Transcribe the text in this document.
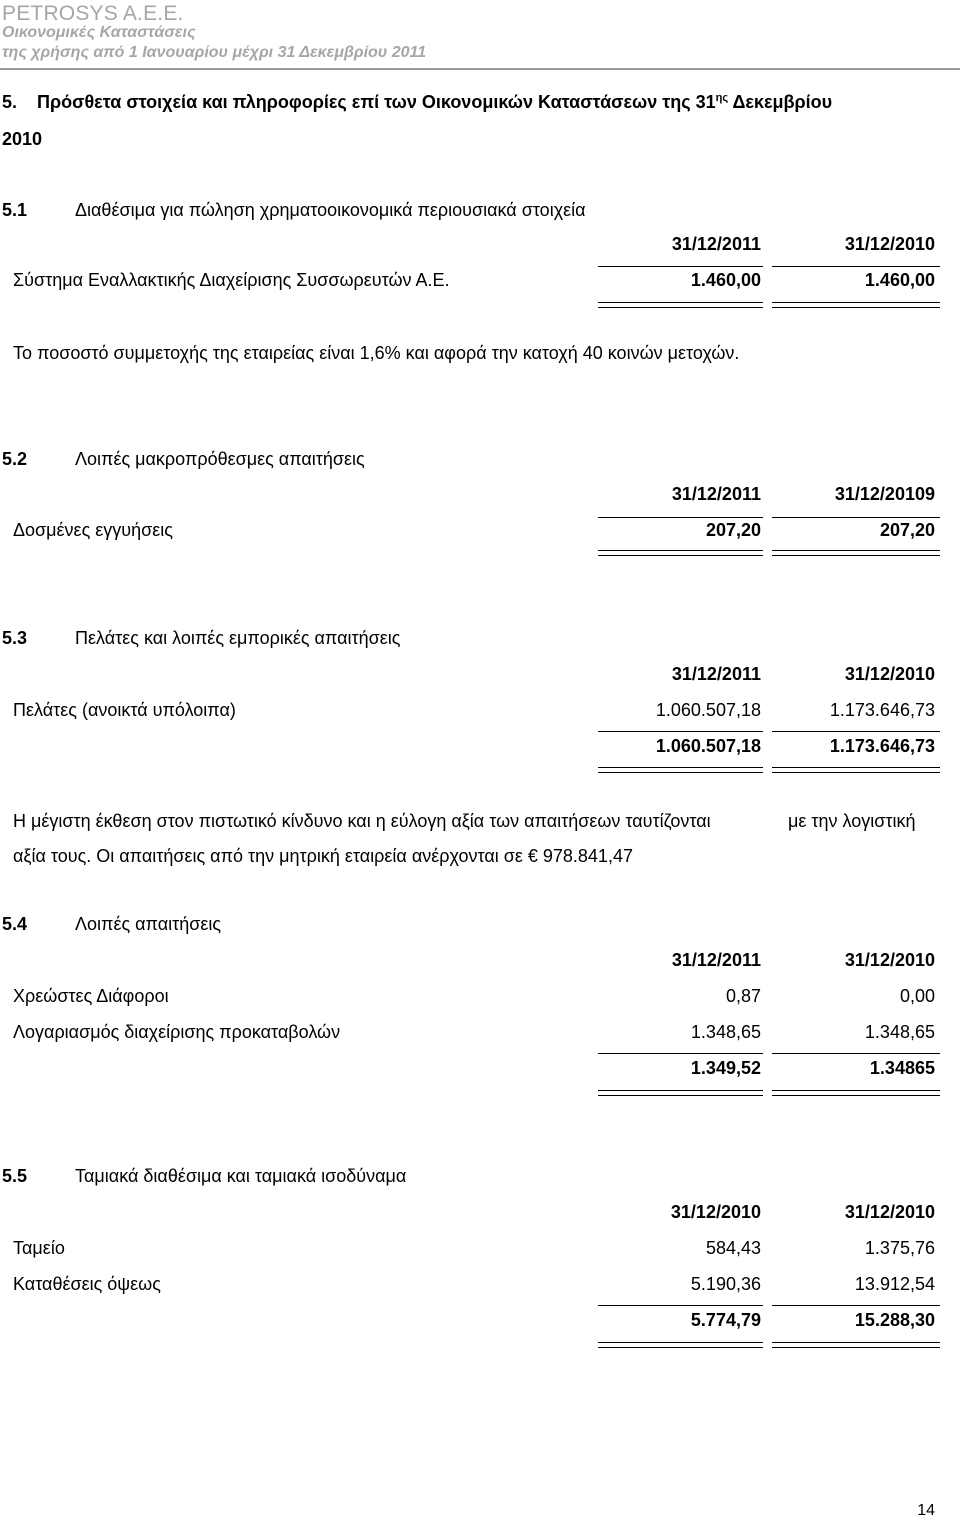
PETROSYS A.E.E.
Οικονομικές Καταστάσεις
της χρήσης από 1 Ιανουαρίου μέχρι 31 Δεκεμβρίου 2011
5. Πρόσθετα στοιχεία και πληροφορίες επί των Οικονομικών Καταστάσεων της $31^{\eta\varsigma}$ Δεκεμβρίου
2010
5.1	Διαθέσιμα για πώληση χρηματοοικονομικά περιουσιακά στοιχεία
31/12/2011	31/12/2010
Σύστημα Εναλλακτικής Διαχείρισης Συσσωρευτών Α.Ε.	1.460,00	1.460,00
Το ποσοστό συμμετοχής της εταιρείας είναι 1,6% και αφορά την κατοχή 40 κοινών μετοχών.
5.2	Λοιπές μακροπρόθεσμες απαιτήσεις
31/12/2011	31/12/20109
Δοσμένες εγγυήσεις	207,20	207,20
5.3	Πελάτες και λοιπές εμπορικές απαιτήσεις
31/12/2011	31/12/2010
Πελάτες (ανοικτά υπόλοιπα)	1.060.507,18	1.173.646,73
1.060.507,18	1.173.646,73
Η μέγιστη έκθεση στον πιστωτικό κίνδυνο και η εύλογη αξία των απαιτήσεων ταυτίζονται	με την λογιστική
αξία τους. Οι απαιτήσεις από την μητρική εταιρεία ανέρχονται σε € 978.841,47
5.4	Λοιπές απαιτήσεις
31/12/2011	31/12/2010
Χρεώστες Διάφοροι	0,87	0,00
Λογαριασμός διαχείρισης προκαταβολών	1.348,65	1.348,65
1.349,52	1.34865
5.5	Ταμιακά διαθέσιμα και ταμιακά ισοδύναμα
31/12/2010	31/12/2010
Ταμείο	584,43	1.375,76
Καταθέσεις όψεως	5.190,36	13.912,54
5.774,79	15.288,30
14
